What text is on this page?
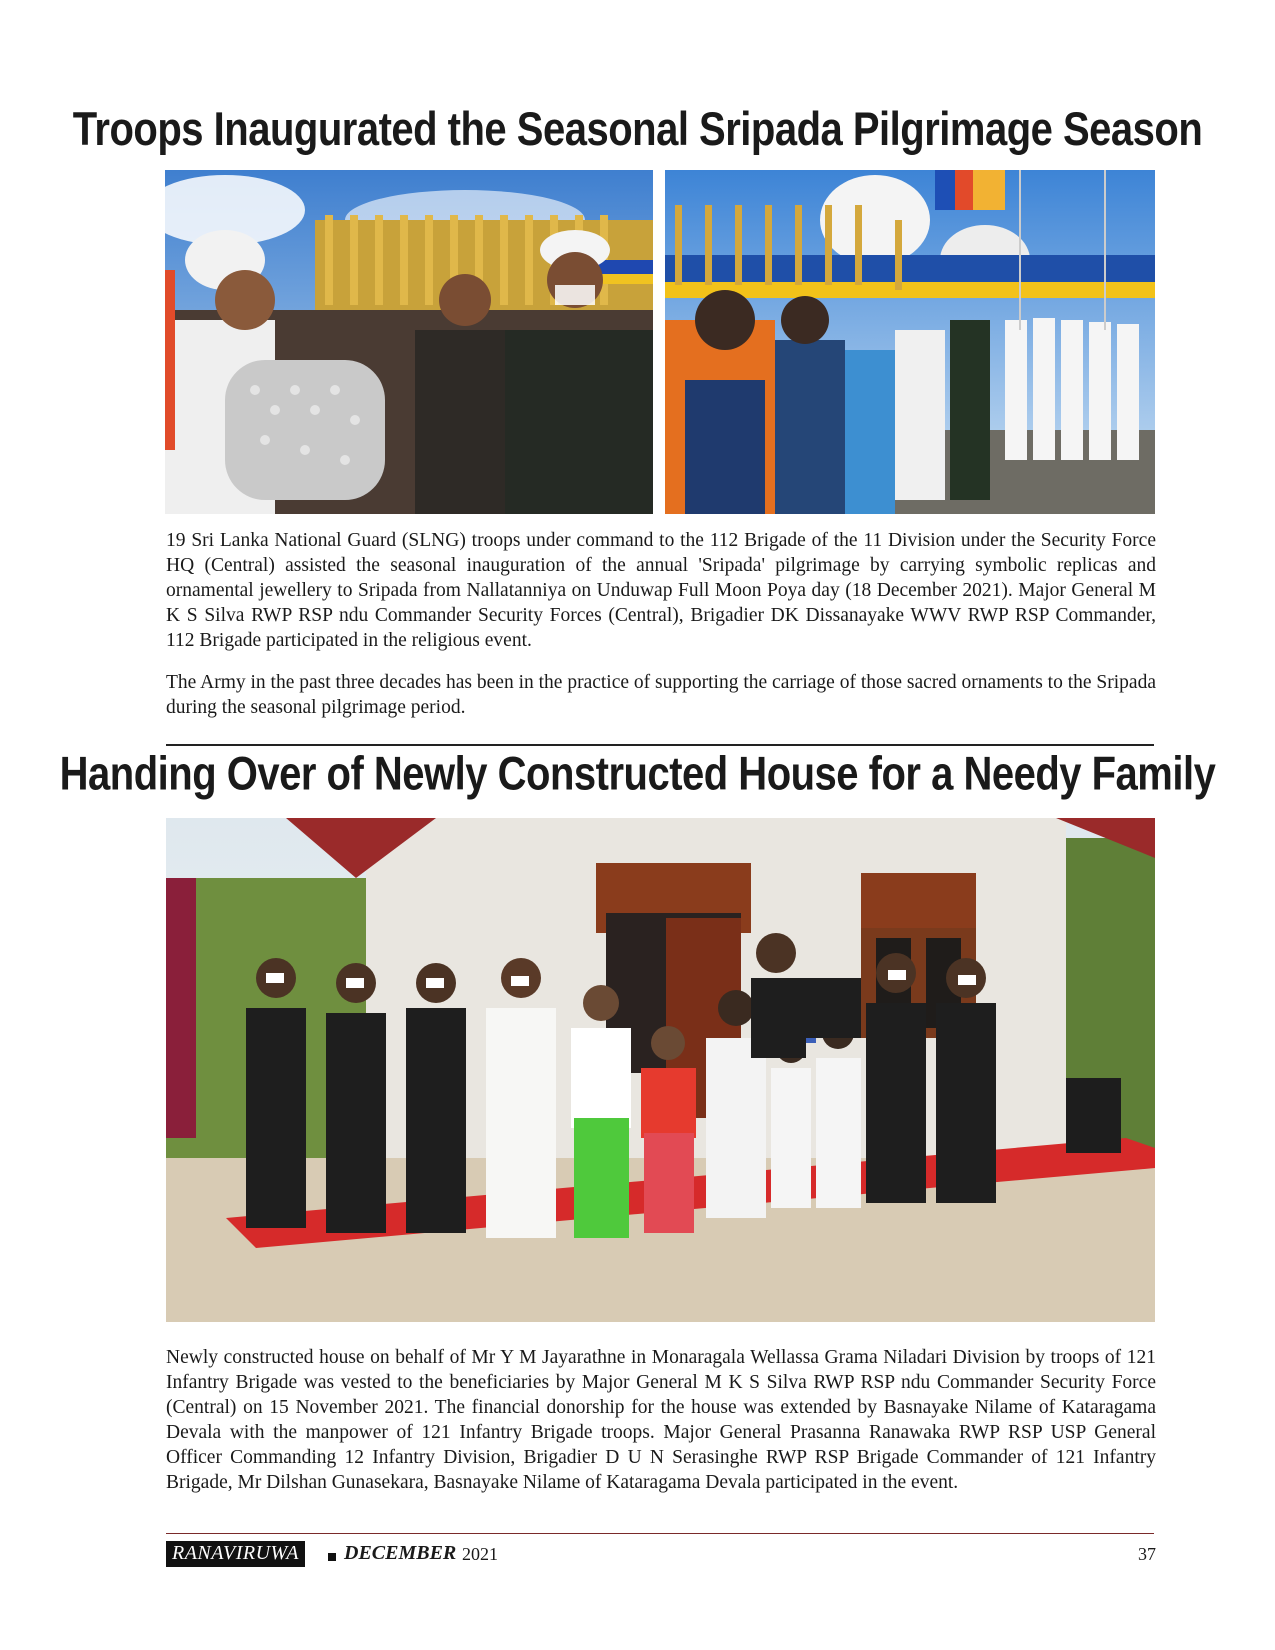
Troops Inaugurated the Seasonal Sripada Pilgrimage Season

19 Sri Lanka National Guard (SLNG) troops under command to the 112 Brigade of the 11 Division under the Security Force HQ (Central) assisted the seasonal inauguration of the annual 'Sripada' pilgrimage by carrying symbolic replicas and ornamental jewellery to Sripada from Nallatanniya on Unduwap Full Moon Poya day (18 December 2021). Major General M K S Silva RWP RSP ndu Commander Security Forces (Central), Brigadier DK Dissanayake WWV RWP RSP Commander, 112 Brigade participated in the religious event.

The Army in the past three decades has been in the practice of supporting the carriage of those sacred ornaments to the Sripada during the seasonal pilgrimage period.

Handing Over of Newly Constructed House for a Needy Family

Newly constructed house on behalf of Mr Y M Jayarathne in Monaragala Wellassa Grama Niladari Division by troops of 121 Infantry Brigade was vested to the beneficiaries by Major General M K S Silva RWP RSP ndu Commander Security Force (Central) on 15 November 2021. The financial donorship for the house was extended by Basnayake Nilame of Kataragama Devala with the manpower of 121 Infantry Brigade troops. Major General Prasanna Ranawaka RWP RSP USP General Officer Commanding 12 Infantry Division, Brigadier D U N Serasinghe RWP RSP Brigade Commander of 121 Infantry Brigade, Mr Dilshan Gunasekara, Basnayake Nilame of Kataragama Devala participated in the event.

RANAVIRUWA	DECEMBER 2021	37
